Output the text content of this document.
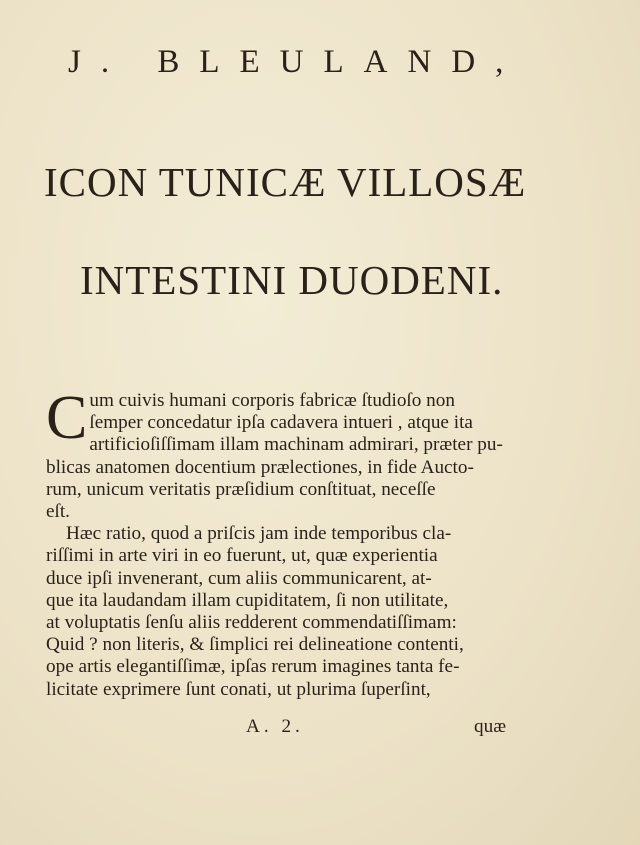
J. BLEULAND,
ICON TUNICÆ VILLOSÆ
INTESTINI DUODENI.
C um cuivis humani corporis fabricæ ſtudioſo non
ſemper concedatur ipſa cadavera intueri , atque ita
artificioſiſſimam illam machinam admirari, præter pu-
blicas anatomen docentium prælectiones, in fide Aucto-
rum, unicum veritatis præſidium conſtituat, neceſſe
eſt.
Hæc ratio, quod a priſcis jam inde temporibus cla-
riſſimi in arte viri in eo fuerunt, ut, quæ experientia
duce ipſi invenerant, cum aliis communicarent, at-
que ita laudandam illam cupiditatem, ſi non utilitate,
at voluptatis ſenſu aliis redderent commendatiſſimam:
Quid ? non literis, & ſimplici rei delineatione contenti,
ope artis elegantiſſimæ, ipſas rerum imagines tanta fe-
licitate exprimere ſunt conati, ut plurima ſuperſint,
A. 2.	quæ
